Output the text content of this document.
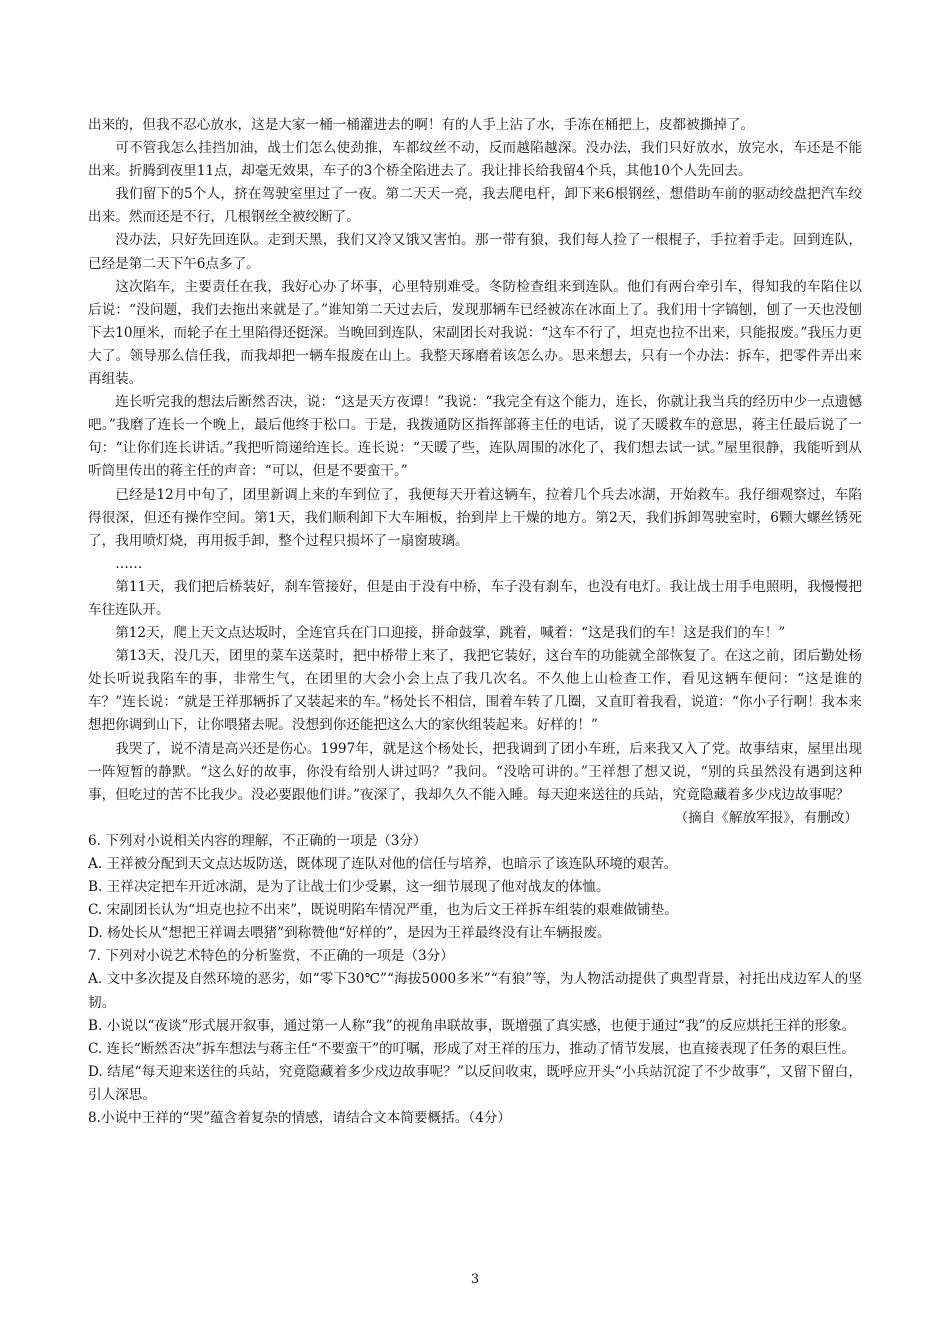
出来的，但我不忍心放水，这是大家一桶一桶灌进去的啊！有的人手上沾了水，手冻在桶把上，皮都被撕掉了。

可不管我怎么挂挡加油，战士们怎么使劲推，车都纹丝不动，反而越陷越深。没办法，我们只好放水，放完水，车还是不能出来。折腾到夜里11点，却毫无效果，车子的3个桥全陷进去了。我让排长给我留4个兵，其他10个人先回去。

我们留下的5个人，挤在驾驶室里过了一夜。第二天天一亮，我去爬电杆，卸下来6根钢丝，想借助车前的驱动绞盘把汽车绞出来。然而还是不行，几根钢丝全被绞断了。

没办法，只好先回连队。走到天黑，我们又冷又饿又害怕。那一带有狼，我们每人捡了一根棍子，手拉着手走。回到连队，已经是第二天下午6点多了。

这次陷车，主要责任在我，我好心办了坏事，心里特别难受。冬防检查组来到连队。他们有两台牵引车，得知我的车陷住以后说：“没问题，我们去拖出来就是了。”谁知第二天过去后，发现那辆车已经被冻在冰面上了。我们用十字镐刨，刨了一天也没刨下去10厘米，而轮子在土里陷得还挺深。当晚回到连队，宋副团长对我说：“这车不行了，坦克也拉不出来，只能报废。”我压力更大了。领导那么信任我，而我却把一辆车报废在山上。我整天琢磨着该怎么办。思来想去，只有一个办法：拆车，把零件弄出来再组装。

连长听完我的想法后断然否决，说：“这是天方夜谭！”我说：“我完全有这个能力，连长，你就让我当兵的经历中少一点遗憾吧。”我磨了连长一个晚上，最后他终于松口。于是，我拨通防区指挥部蒋主任的电话，说了天暖救车的意思，蒋主任最后说了一句：“让你们连长讲话。”我把听筒递给连长。连长说：“天暖了些，连队周围的冰化了，我们想去试一试。”屋里很静，我能听到从听筒里传出的蒋主任的声音：“可以，但是不要蛮干。”

已经是12月中旬了，团里新调上来的车到位了，我便每天开着这辆车，拉着几个兵去冰湖，开始救车。我仔细观察过，车陷得很深，但还有操作空间。第1天，我们顺利卸下大车厢板，抬到岸上干燥的地方。第2天，我们拆卸驾驶室时，6颗大螺丝锈死了，我用喷灯烧，再用扳手卸，整个过程只损坏了一扇窗玻璃。

……

第11天，我们把后桥装好，刹车管接好，但是由于没有中桥，车子没有刹车，也没有电灯。我让战士用手电照明，我慢慢把车往连队开。

第12天，爬上天文点达坂时，全连官兵在门口迎接，拼命鼓掌，跳着，喊着：“这是我们的车！这是我们的车！”

第13天，没几天，团里的菜车送菜时，把中桥带上来了，我把它装好，这台车的功能就全部恢复了。在这之前，团后勤处杨处长听说我陷车的事，非常生气，在团里的大会小会上点了我几次名。不久他上山检查工作，看见这辆车便问：“这是谁的车？”连长说：“就是王祥那辆拆了又装起来的车。”杨处长不相信，围着车转了几圈，又直盯着我看，说道：“你小子行啊！我本来想把你调到山下，让你喂猪去呢。没想到你还能把这么大的家伙组装起来。好样的！”

我哭了，说不清是高兴还是伤心。1997年，就是这个杨处长，把我调到了团小车班，后来我又入了党。故事结束，屋里出现一阵短暂的静默。“这么好的故事，你没有给别人讲过吗？”我问。“没啥可讲的。”王祥想了想又说，“别的兵虽然没有遇到这种事，但吃过的苦不比我少。没必要跟他们讲。”夜深了，我却久久不能入睡。每天迎来送往的兵站，究竟隐藏着多少戍边故事呢？

（摘自《解放军报》，有删改）

6. 下列对小说相关内容的理解，不正确的一项是（3分）

A. 王祥被分配到天文点达坂防送，既体现了连队对他的信任与培养，也暗示了该连队环境的艰苦。

B. 王祥决定把车开近冰湖，是为了让战士们少受累，这一细节展现了他对战友的体恤。

C. 宋副团长认为“坦克也拉不出来”，既说明陷车情况严重，也为后文王祥拆车组装的艰难做铺垫。

D. 杨处长从“想把王祥调去喂猪”到称赞他“好样的”，是因为王祥最终没有让车辆报废。

7. 下列对小说艺术特色的分析鉴赏，不正确的一项是（3分）

A. 文中多次提及自然环境的恶劣，如“零下30℃”“海拔5000多米”“有狼”等，为人物活动提供了典型背景，衬托出戍边军人的坚韧。

B. 小说以“夜谈”形式展开叙事，通过第一人称“我”的视角串联故事，既增强了真实感，也便于通过“我”的反应烘托王祥的形象。

C. 连长“断然否决”拆车想法与蒋主任“不要蛮干”的叮嘱，形成了对王祥的压力，推动了情节发展，也直接表现了任务的艰巨性。

D. 结尾“每天迎来送往的兵站，究竟隐藏着多少戍边故事呢？”以反问收束，既呼应开头“小兵站沉淀了不少故事”，又留下留白，引人深思。

8.小说中王祥的“哭”蕴含着复杂的情感，请结合文本简要概括。（4分）

3
